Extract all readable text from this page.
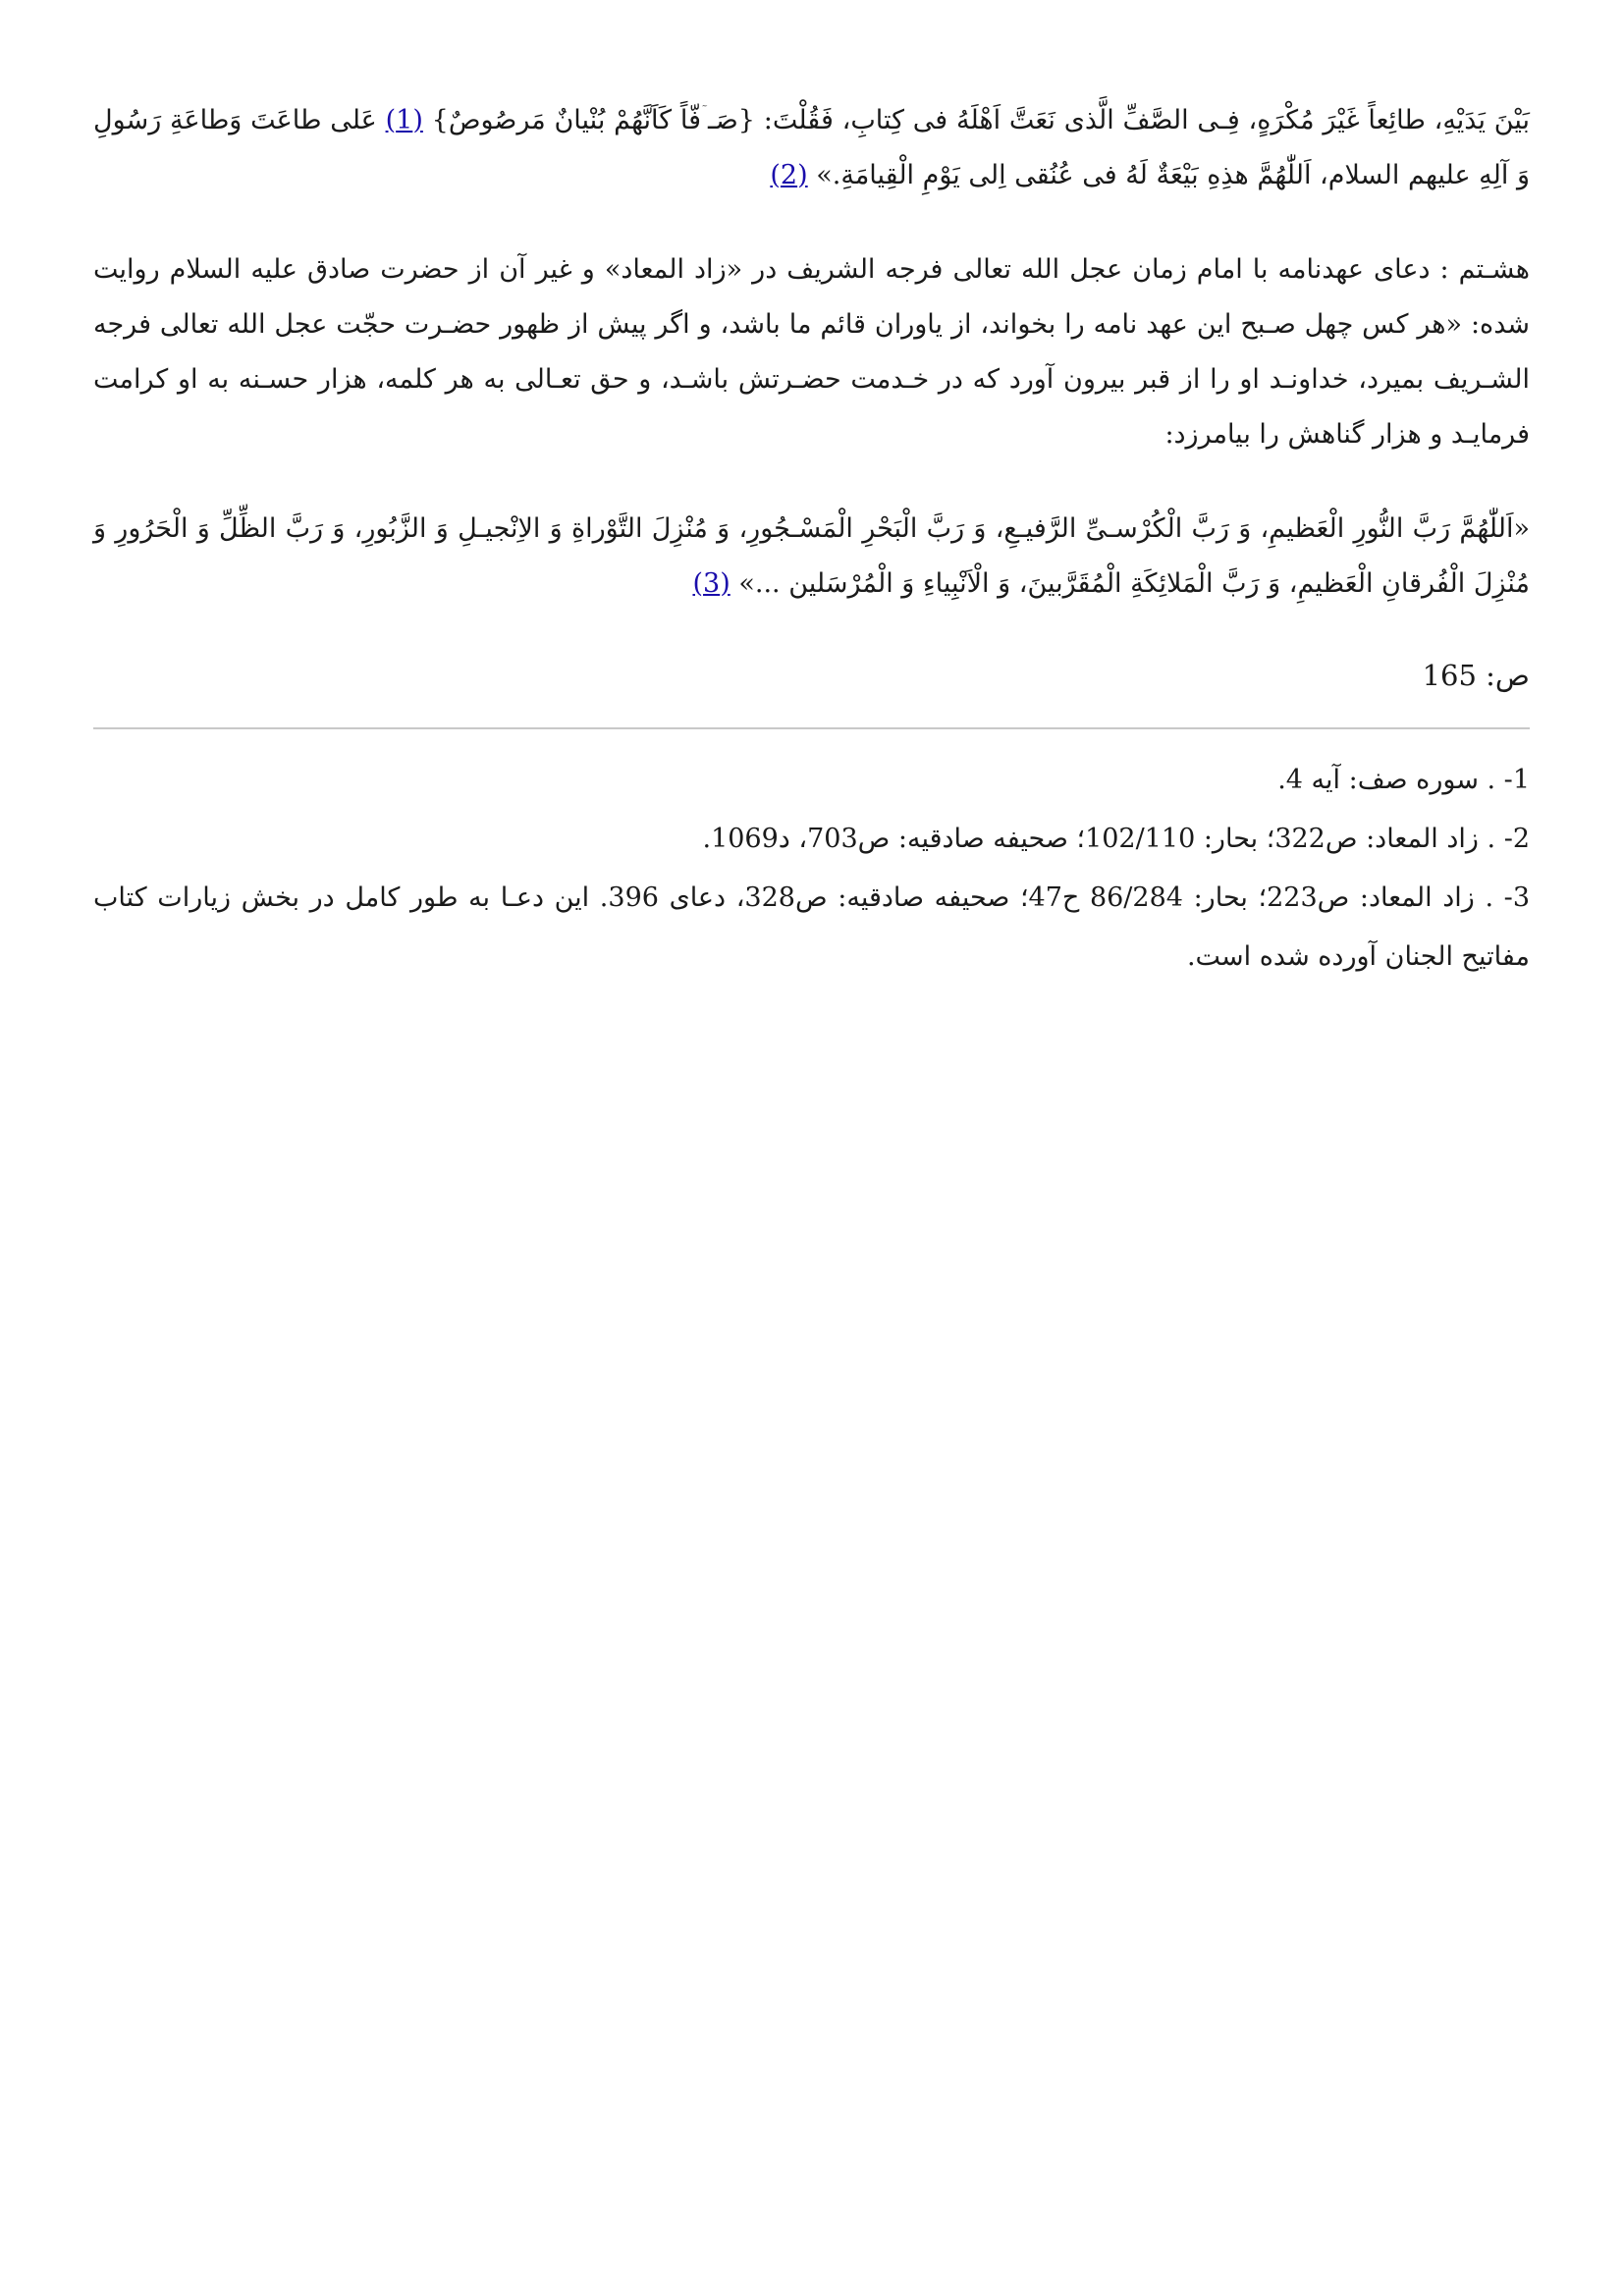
بَیْنَ یَدَیْهِ، طائِعاً غَیْرَ مُکْرَهٍ، فِـی الصَّفِّ الَّذی نَعَتَّ اَهْلَهُ فی کِتابِ، فَقُلْتَ: {صَـ ۤفّاً کَاَنَّهُمْ بُنْیانٌ مَرصُوصٌ} (1) عَلی طاعَتَ وَطاعَةِ رَسُولِ وَ آلِهِ علیهم السلام، اَللّٰهُمَّ هذِهِ بَیْعَةٌ لَهُ فی عُنُقی اِلی یَوْمِ الْقِیامَةِ.» (2)

هشـتم : دعای عهدنامه با امام زمان عجل الله تعالی فرجه الشریف در «زاد المعاد» و غیر آن از حضرت صادق علیه السلام روایت شده: «هر کس چهل صـبح این عهد نامه را بخواند، از یاوران قائم ما باشد، و اگر پیش از ظهور حضـرت حجّت عجل الله تعالی فرجه الشـریف بمیرد، خداونـد او را از قبر بیرون آورد که در خـدمت حضـرتش باشـد، و حق تعـالی به هر کلمه، هزار حسـنه به او کرامت فرمایـد و هزار گناهش را بیامرزد:

«اَللّٰهُمَّ رَبَّ النُّورِ الْعَظیمِ، وَ رَبَّ الْکُرْسـیِّ الرَّفیـعِ، وَ رَبَّ الْبَحْرِ الْمَسْـجُورِ، وَ مُنْزِلَ التَّوْراةِ وَ الاِنْجیـلِ وَ الزَّبُورِ، وَ رَبَّ الظِّلِّ وَ الْحَرُورِ وَ مُنْزِلَ الْفُرقانِ الْعَظیمِ، وَ رَبَّ الْمَلائِکَةِ الْمُقَرَّبینَ، وَ الْاَنْبِیاءِ وَ الْمُرْسَلین ...» (3)

ص: 165

1- . سوره صف: آیه 4.

2- . زاد المعاد: ص322؛ بحار: 102/110؛ صحیفه صادقیه: ص703، د1069.

3- . زاد المعاد: ص223؛ بحار: 86/284 ح47؛ صحیفه صادقیه: ص328، دعای 396. این دعـا به طور کامل در بخش زیارات کتاب مفاتیح الجنان آورده شده است.
